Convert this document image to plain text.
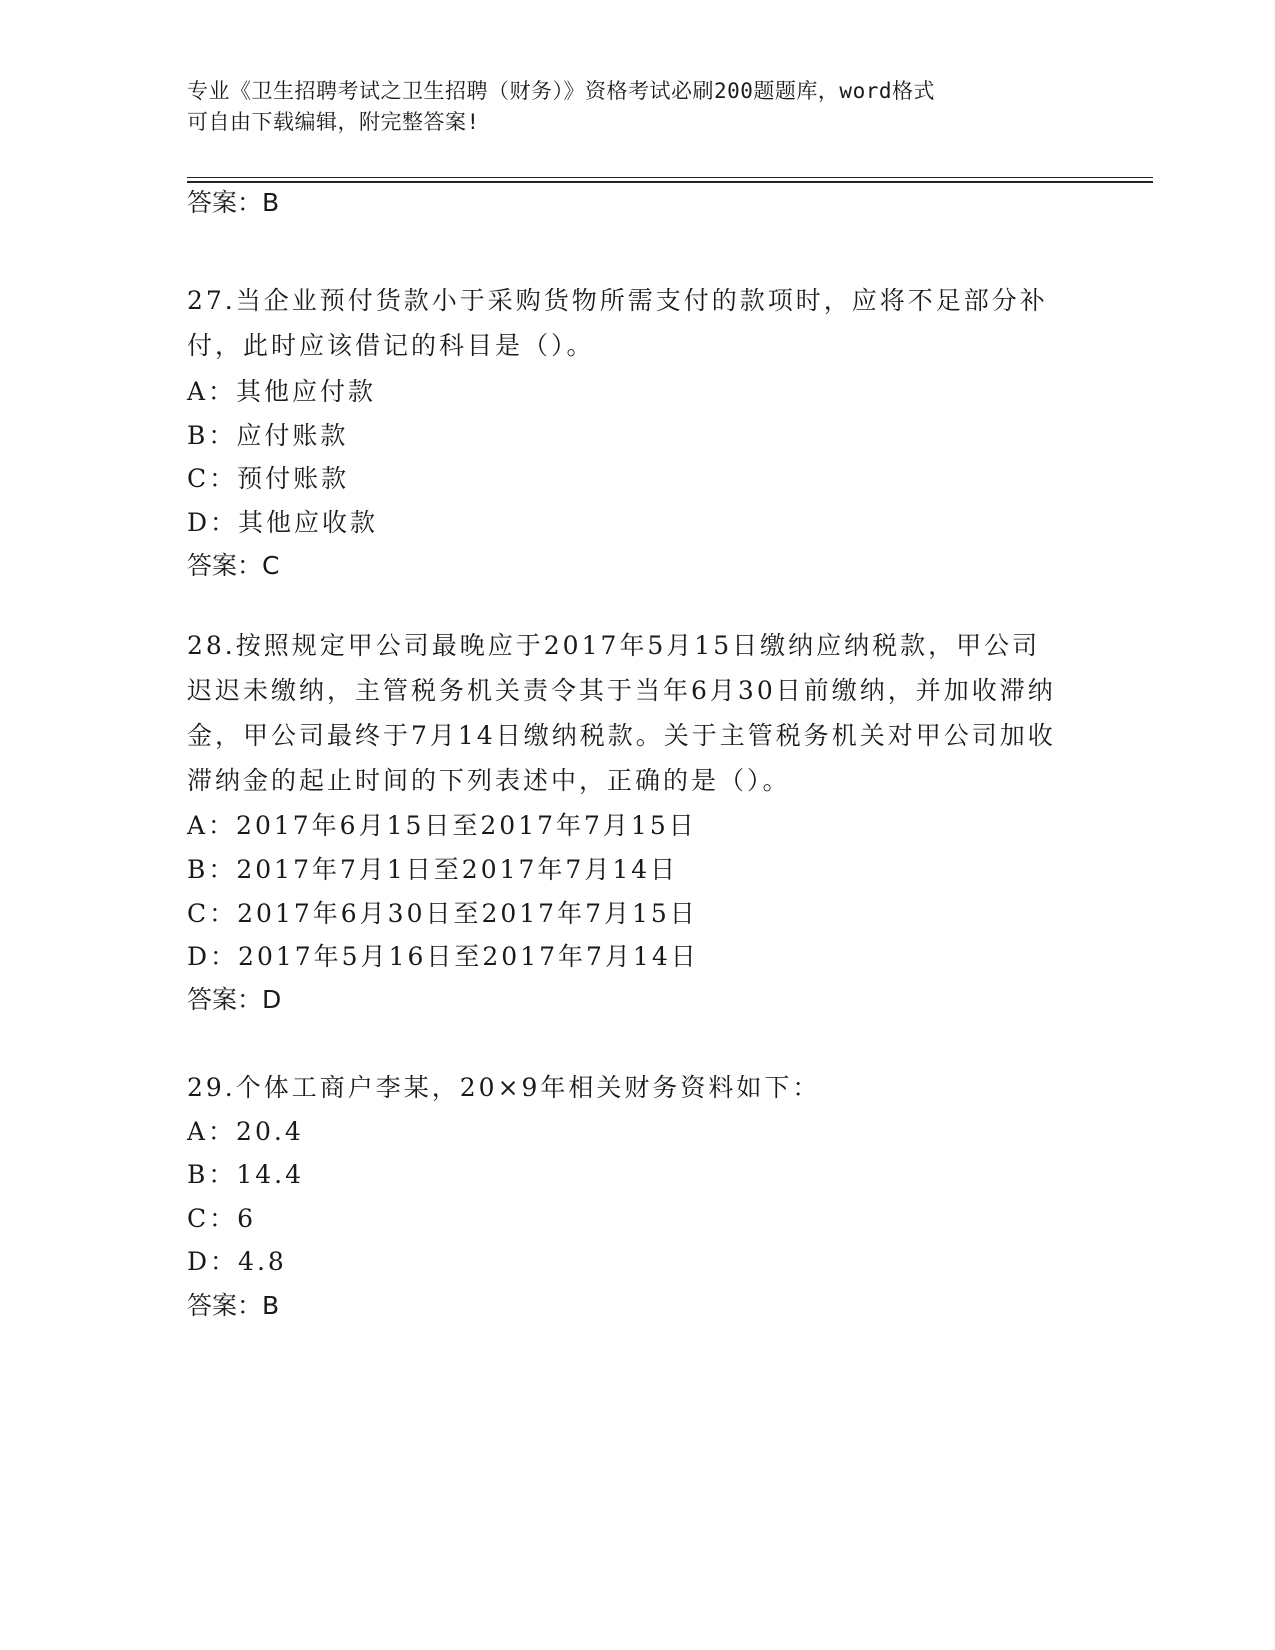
专业《卫生招聘考试之卫生招聘（财务）》资格考试必刷200题题库，word格式
可自由下载编辑，附完整答案!
答案：B
27.当企业预付货款小于采购货物所需支付的款项时，应将不足部分补付，此时应该借记的科目是（）。
A：其他应付款
B：应付账款
C：预付账款
D：其他应收款
答案：C
28.按照规定甲公司最晚应于2017年5月15日缴纳应纳税款，甲公司迟迟未缴纳，主管税务机关责令其于当年6月30日前缴纳，并加收滞纳金，甲公司最终于7月14日缴纳税款。关于主管税务机关对甲公司加收滞纳金的起止时间的下列表述中，正确的是（）。
A：2017年6月15日至2017年7月15日
B：2017年7月1日至2017年7月14日
C：2017年6月30日至2017年7月15日
D：2017年5月16日至2017年7月14日
答案：D
29.个体工商户李某，20×9年相关财务资料如下：
A：20.4
B：14.4
C：6
D：4.8
答案：B
